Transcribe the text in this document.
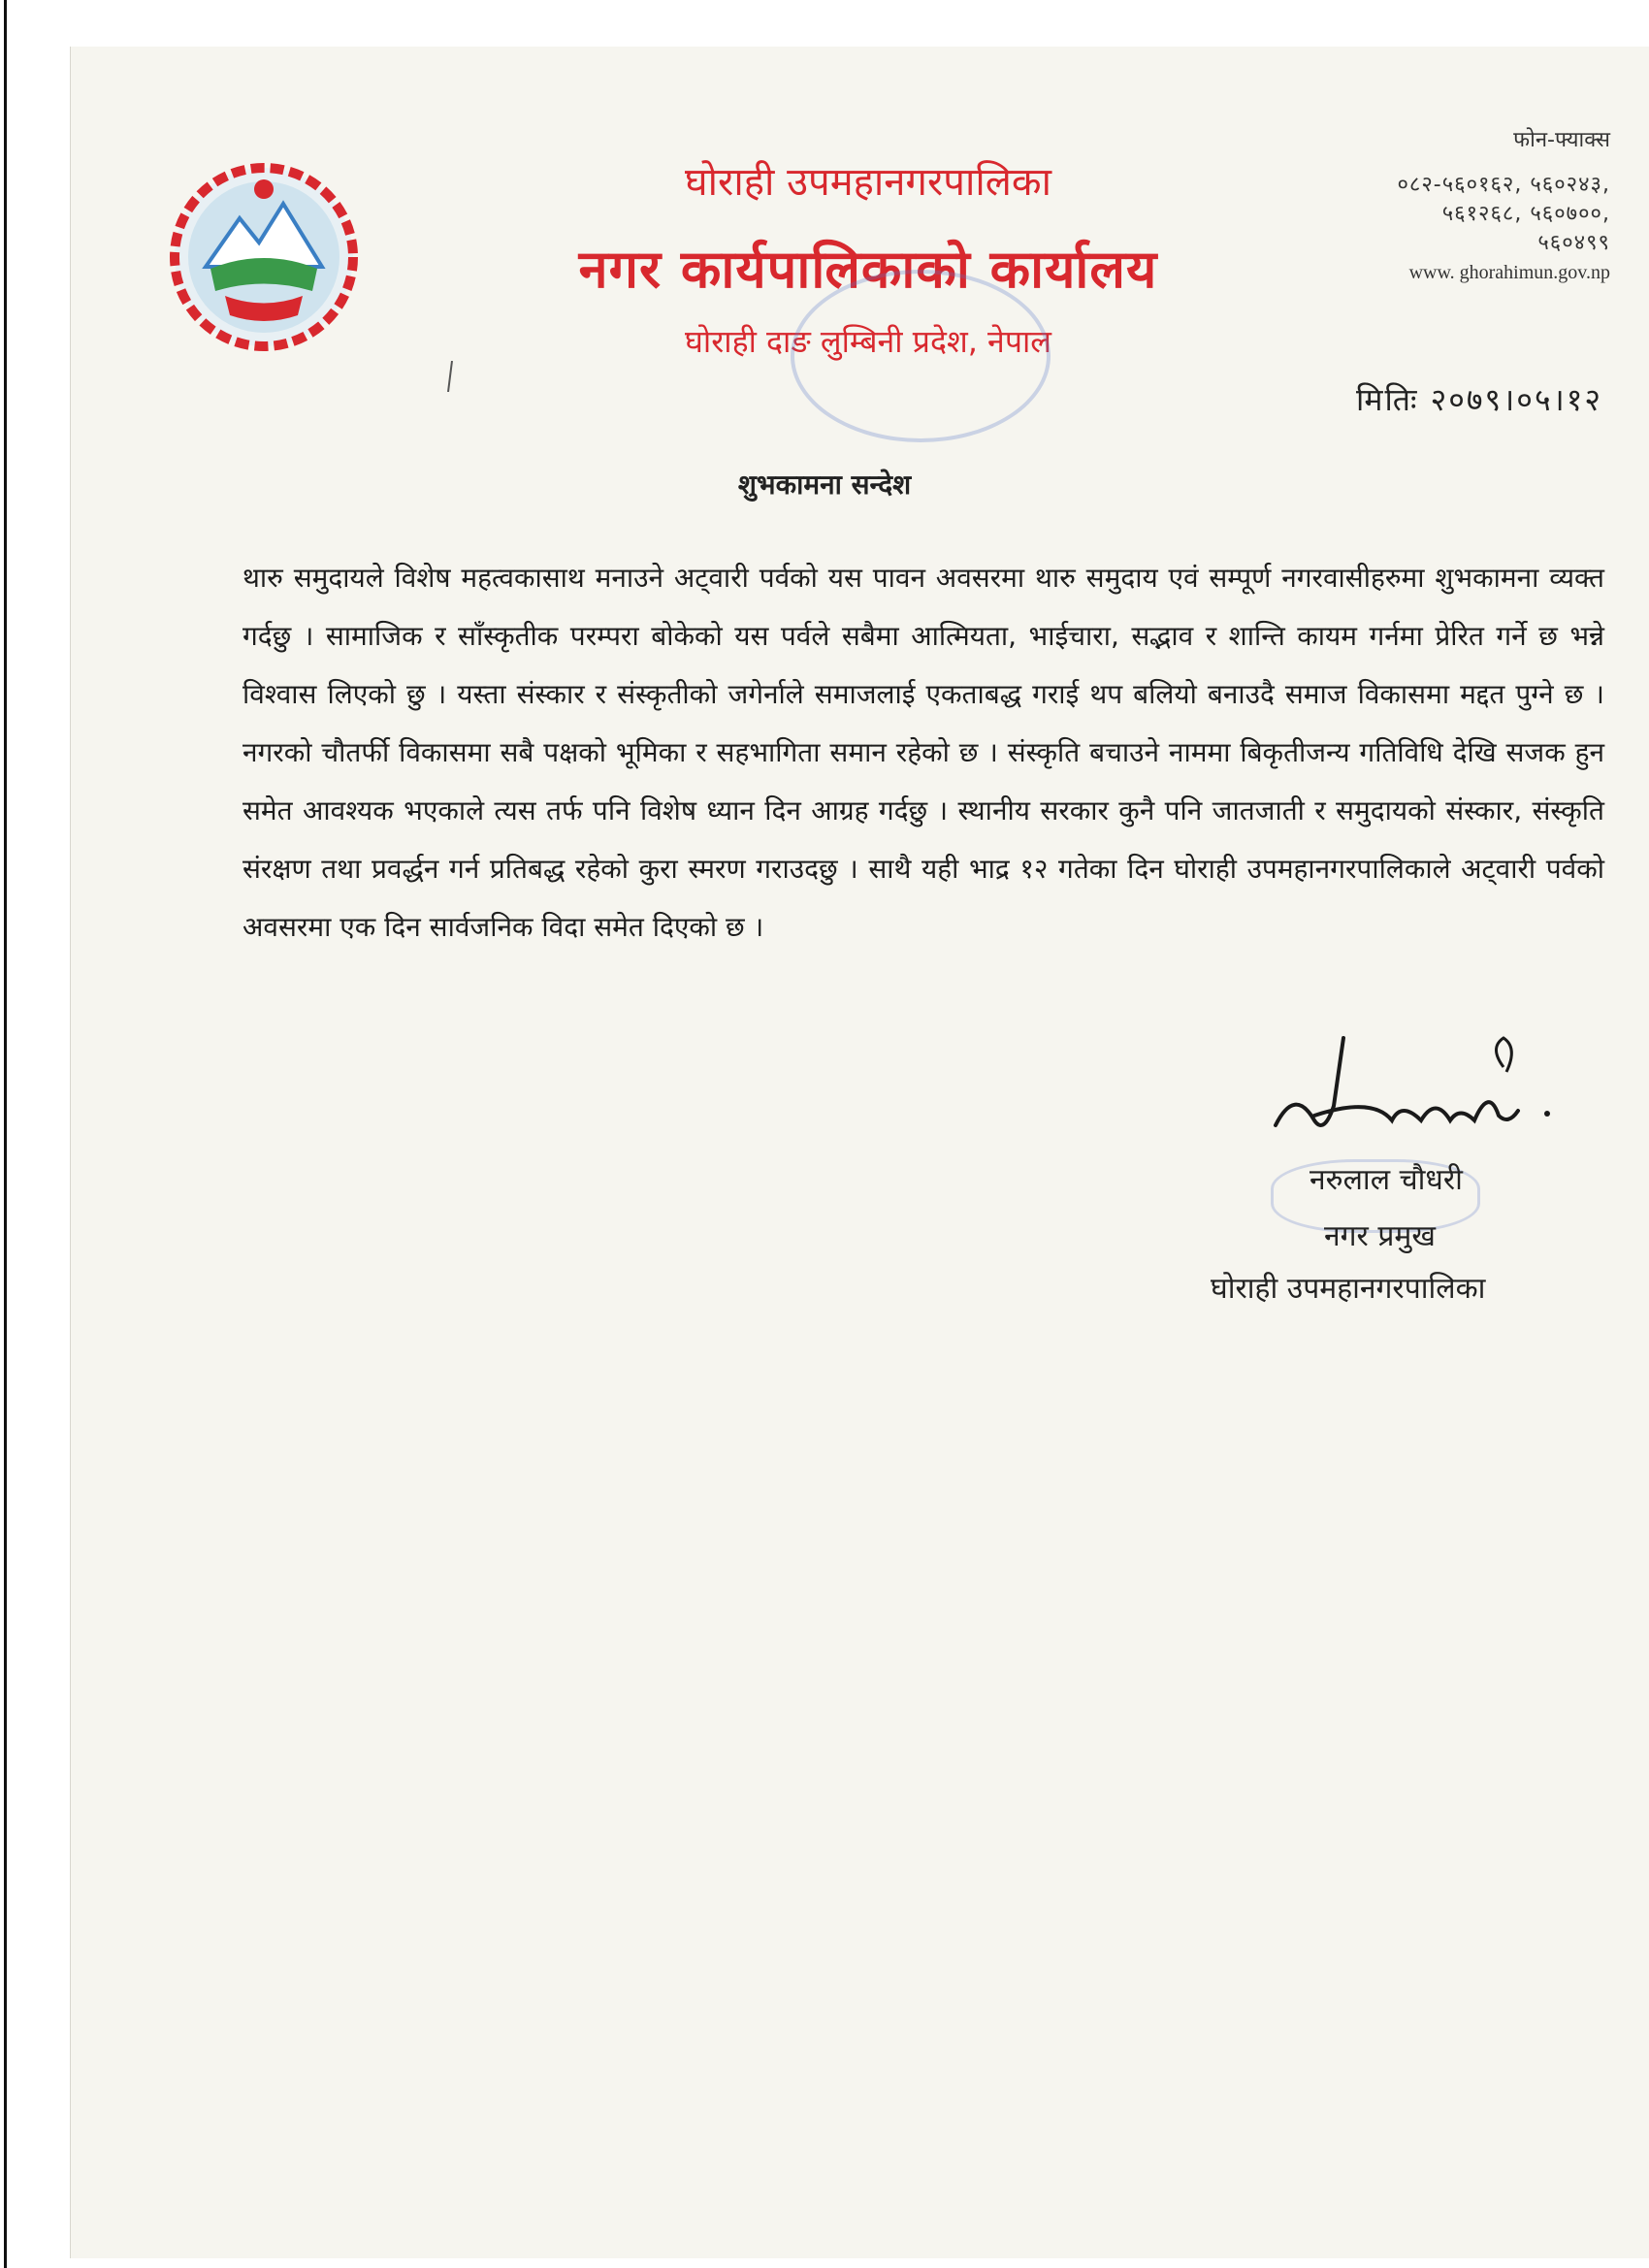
घोराही उपमहानगरपालिका
नगर कार्यपालिकाको कार्यालय
घोराही दाङ लुम्बिनी प्रदेश, नेपाल
फोन-फ्याक्स
०८२-५६०१६२, ५६०२४३,
५६१२६८, ५६०७००,
५६०४९९
www. ghorahimun.gov.np
मितिः २०७९।०५।१२
शुभकामना सन्देश

थारु समुदायले विशेष महत्वकासाथ मनाउने अट्वारी पर्वको यस पावन अवसरमा थारु समुदाय एवं सम्पूर्ण नगरवासीहरुमा शुभकामना व्यक्त गर्दछु । सामाजिक र साँस्कृतीक परम्परा बोकेको यस पर्वले सबैमा आत्मियता, भाईचारा, सद्भाव र शान्ति कायम गर्नमा प्रेरित गर्ने छ भन्ने विश्वास लिएको छु । यस्ता संस्कार र संस्कृतीको जगेर्नाले समाजलाई एकताबद्ध गराई थप बलियो बनाउदै समाज विकासमा मद्दत पुग्ने छ । नगरको चौतर्फी विकासमा सबै पक्षको भूमिका र सहभागिता समान रहेको छ । संस्कृति बचाउने नाममा बिकृतीजन्य गतिविधि देखि सजक हुन समेत आवश्यक भएकाले त्यस तर्फ पनि विशेष ध्यान दिन आग्रह गर्दछु । स्थानीय सरकार कुनै पनि जातजाती र समुदायको संस्कार, संस्कृति संरक्षण तथा प्रवर्द्धन गर्न प्रतिबद्ध रहेको कुरा स्मरण गराउदछु । साथै यही भाद्र १२ गतेका दिन घोराही उपमहानगरपालिकाले अट्वारी पर्वको अवसरमा एक दिन सार्वजनिक विदा समेत दिएको छ ।

नरुलाल चौधरी
नगर प्रमुख
घोराही उपमहानगरपालिका
